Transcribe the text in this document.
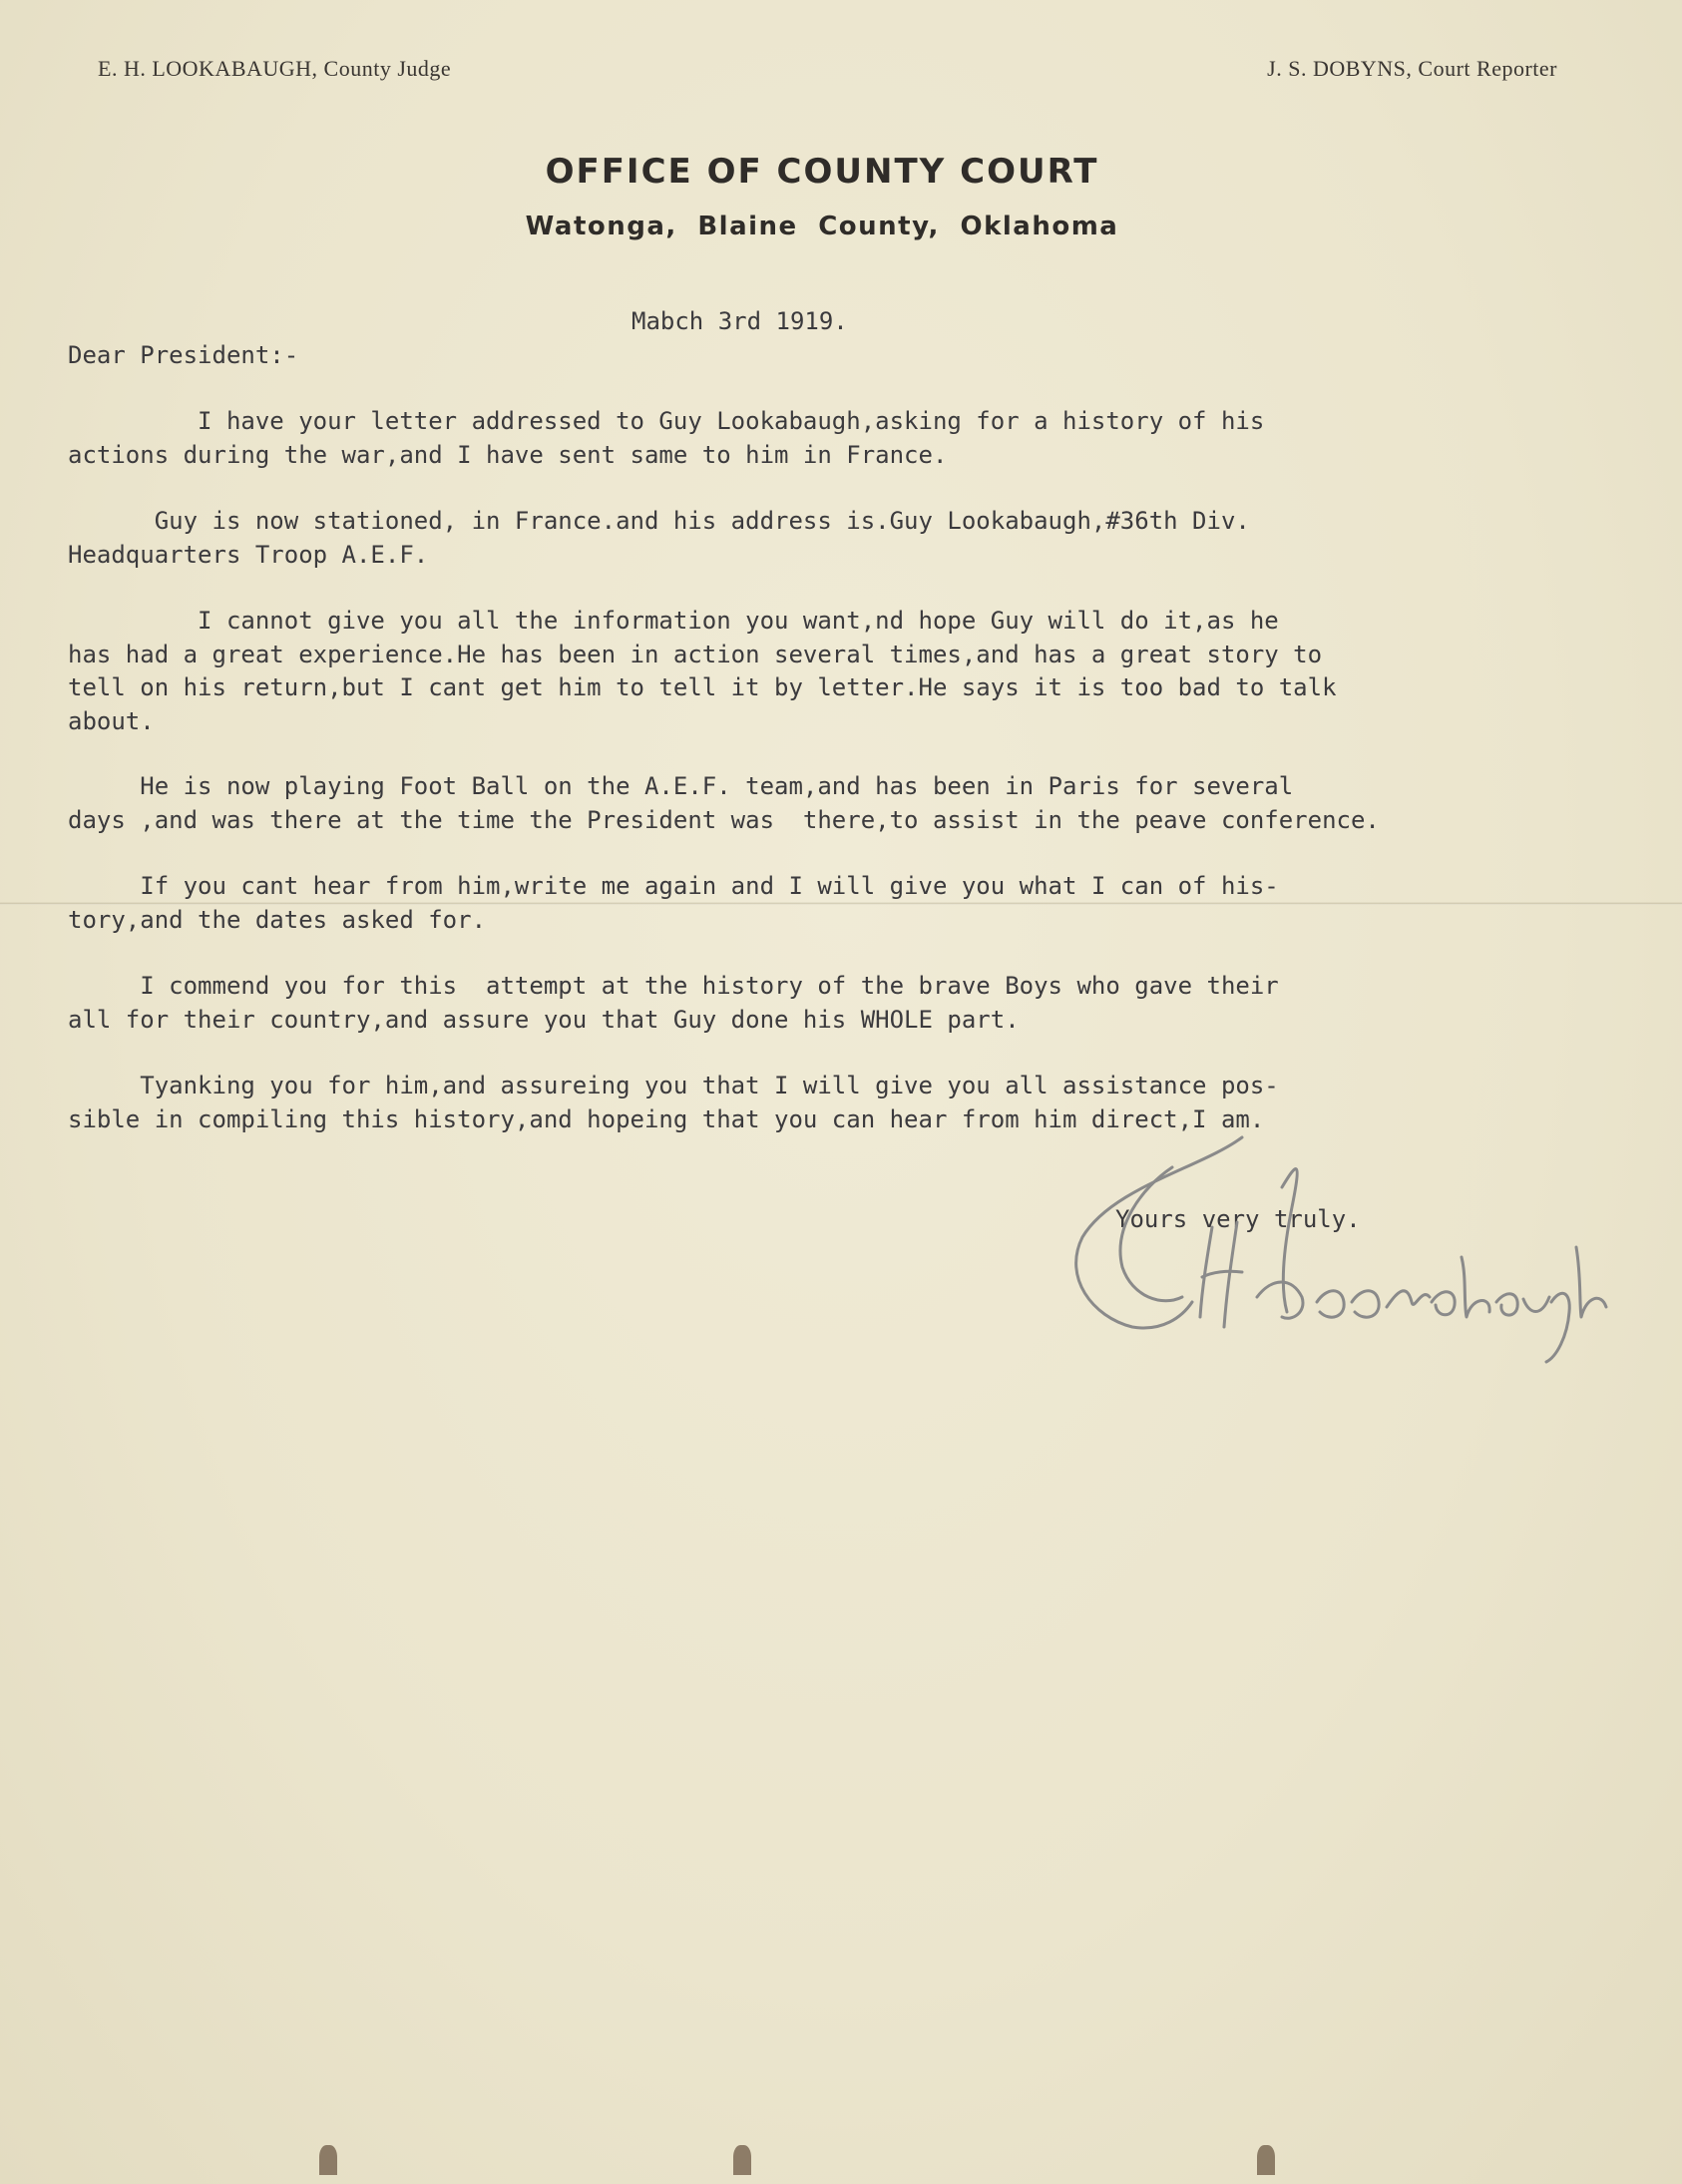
E. H. LOOKABAUGH, County Judge	J. S. DOBYNS, Court Reporter
OFFICE OF COUNTY COURT
Watonga, Blaine County, Oklahoma
Mabch 3rd 1919.
Dear President:-
I have your letter addressed to Guy Lookabaugh,asking for a history of his
actions during the war,and I have sent same to him in France.
Guy is now stationed, in France.and his address is.Guy Lookabaugh,#36th Div.
Headquarters Troop A.E.F.
I cannot give you all the information you want,nd hope Guy will do it,as he
has had a great experience.He has been in action several times,and has a great story to
tell on his return,but I cant get him to tell it by letter.He says it is too bad to talk
about.
He is now playing Foot Ball on the A.E.F. team,and has been in Paris for several
days ,and was there at the time the President was  there,to assist in the peave conference.
If you cant hear from him,write me again and I will give you what I can of his-
tory,and the dates asked for.
I commend you for this  attempt at the history of the brave Boys who gave their
all for their country,and assure you that Guy done his WHOLE part.
Tyanking you for him,and assureing you that I will give you all assistance pos-
sible in compiling this history,and hopeing that you can hear from him direct,I am.
Yours very truly.
